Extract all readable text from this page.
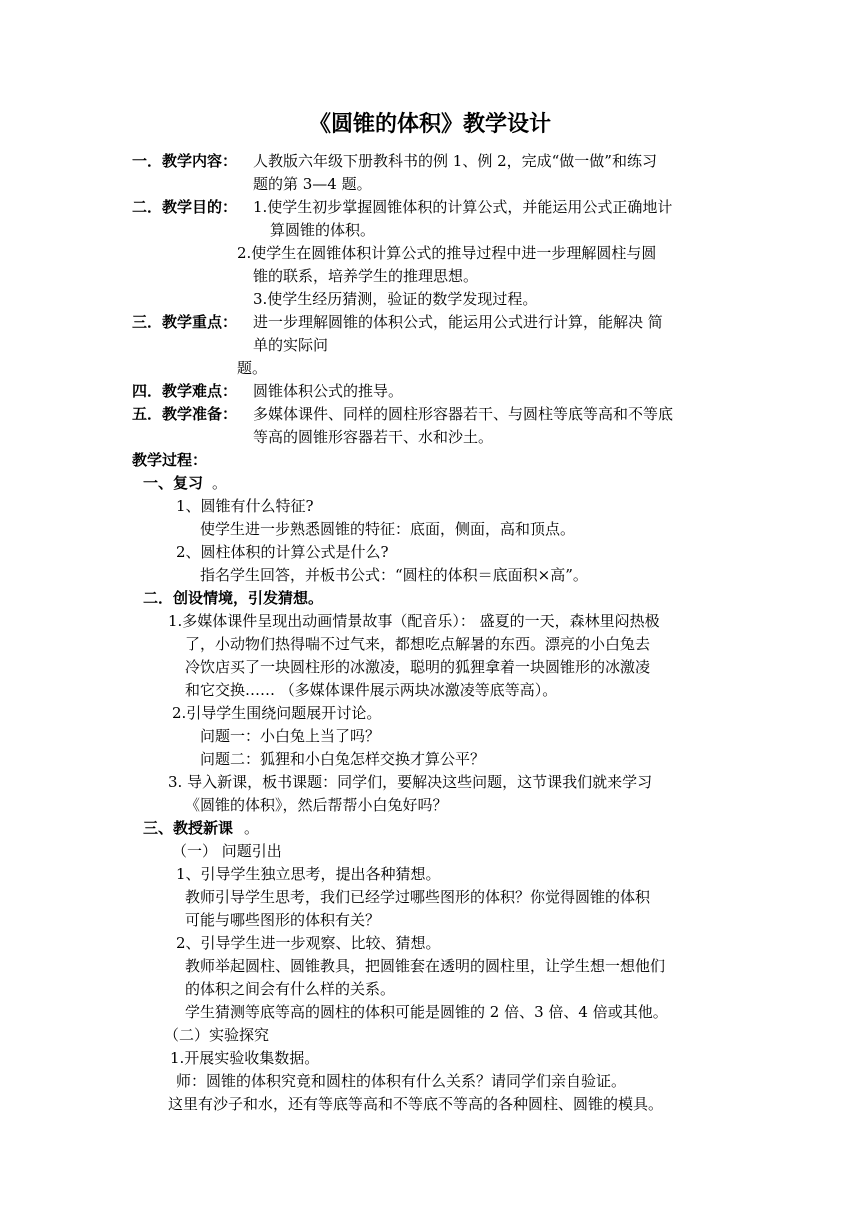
《圆锥的体积》教学设计
一．教学内容： 人教版六年级下册教科书的例 1、例 2，完成“做一做”和练习
题的第 3—4 题。
二．教学目的： 1.使学生初步掌握圆锥体积的计算公式，并能运用公式正确地计
算圆锥的体积。
2.使学生在圆锥体积计算公式的推导过程中进一步理解圆柱与圆
锥的联系，培养学生的推理思想。
3.使学生经历猜测，验证的数学发现过程。
三．教学重点： 进一步理解圆锥的体积公式，能运用公式进行计算，能解决 简
单的实际问
题。
四．教学难点： 圆锥体积公式的推导。
五．教学准备： 多媒体课件、同样的圆柱形容器若干、与圆柱等底等高和不等底
等高的圆锥形容器若干、水和沙土。
教学过程：
一、复习 。
1、圆锥有什么特征?
使学生进一步熟悉圆锥的特征：底面，侧面，高和顶点。
2、圆柱体积的计算公式是什么?
指名学生回答，并板书公式：“圆柱的体积＝底面积×高”。
二．创设情境，引发猜想。
1.多媒体课件呈现出动画情景故事（配音乐）： 盛夏的一天，森林里闷热极
了，小动物们热得喘不过气来，都想吃点解暑的东西。漂亮的小白兔去
冷饮店买了一块圆柱形的冰激凌，聪明的狐狸拿着一块圆锥形的冰激凌
和它交换…… （多媒体课件展示两块冰激凌等底等高）。
2.引导学生围绕问题展开讨论。
问题一：小白兔上当了吗？
问题二：狐狸和小白兔怎样交换才算公平？
3. 导入新课，板书课题：同学们，要解决这些问题，这节课我们就来学习
《圆锥的体积》，然后帮帮小白兔好吗？
三、教授新课 。
（一） 问题引出
1、引导学生独立思考，提出各种猜想。
教师引导学生思考，我们已经学过哪些图形的体积？你觉得圆锥的体积
可能与哪些图形的体积有关？
2、引导学生进一步观察、比较、猜想。
教师举起圆柱、圆锥教具，把圆锥套在透明的圆柱里，让学生想一想他们
的体积之间会有什么样的关系。
学生猜测等底等高的圆柱的体积可能是圆锥的 2 倍、3 倍、4 倍或其他。
（二）实验探究
1.开展实验收集数据。
师：圆锥的体积究竟和圆柱的体积有什么关系？请同学们亲自验证。
这里有沙子和水，还有等底等高和不等底不等高的各种圆柱、圆锥的模具。
